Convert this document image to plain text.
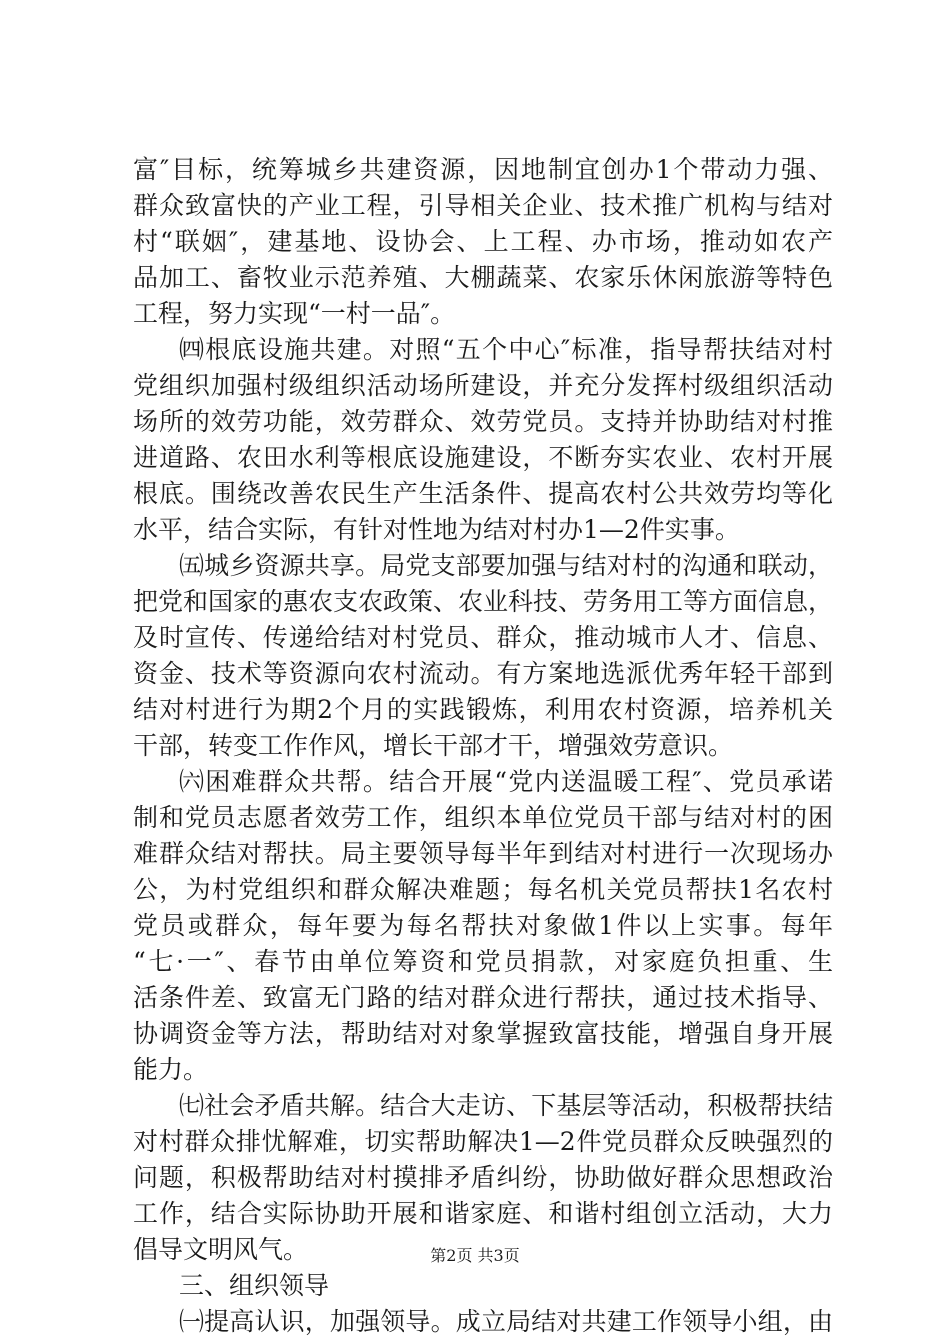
富″目标，统筹城乡共建资源，因地制宜创办1个带动力强、
群众致富快的产业工程，引导相关企业、技术推广机构与结对
村“联姻″，建基地、设协会、上工程、办市场，推动如农产
品加工、畜牧业示范养殖、大棚蔬菜、农家乐休闲旅游等特色
工程，努力实现“一村一品″。
㈣根底设施共建。对照“五个中心″标准，指导帮扶结对村
党组织加强村级组织活动场所建设，并充分发挥村级组织活动
场所的效劳功能，效劳群众、效劳党员。支持并协助结对村推
进道路、农田水利等根底设施建设，不断夯实农业、农村开展
根底。围绕改善农民生产生活条件、提高农村公共效劳均等化
水平，结合实际，有针对性地为结对村办1—2件实事。
㈤城乡资源共享。局党支部要加强与结对村的沟通和联动，
把党和国家的惠农支农政策、农业科技、劳务用工等方面信息，
及时宣传、传递给结对村党员、群众，推动城市人才、信息、
资金、技术等资源向农村流动。有方案地选派优秀年轻干部到
结对村进行为期2个月的实践锻炼，利用农村资源，培养机关
干部，转变工作作风，增长干部才干，增强效劳意识。
㈥困难群众共帮。结合开展“党内送温暖工程″、党员承诺
制和党员志愿者效劳工作，组织本单位党员干部与结对村的困
难群众结对帮扶。局主要领导每半年到结对村进行一次现场办
公，为村党组织和群众解决难题；每名机关党员帮扶1名农村
党员或群众，每年要为每名帮扶对象做1件以上实事。每年
“七·一″、春节由单位筹资和党员捐款，对家庭负担重、生
活条件差、致富无门路的结对群众进行帮扶，通过技术指导、
协调资金等方法，帮助结对对象掌握致富技能，增强自身开展
能力。
㈦社会矛盾共解。结合大走访、下基层等活动，积极帮扶结
对村群众排忧解难，切实帮助解决1—2件党员群众反映强烈的
问题，积极帮助结对村摸排矛盾纠纷，协助做好群众思想政治
工作，结合实际协助开展和谐家庭、和谐村组创立活动，大力
倡导文明风气。
三、组织领导
㈠提高认识，加强领导。成立局结对共建工作领导小组，由
第2页 共3页
